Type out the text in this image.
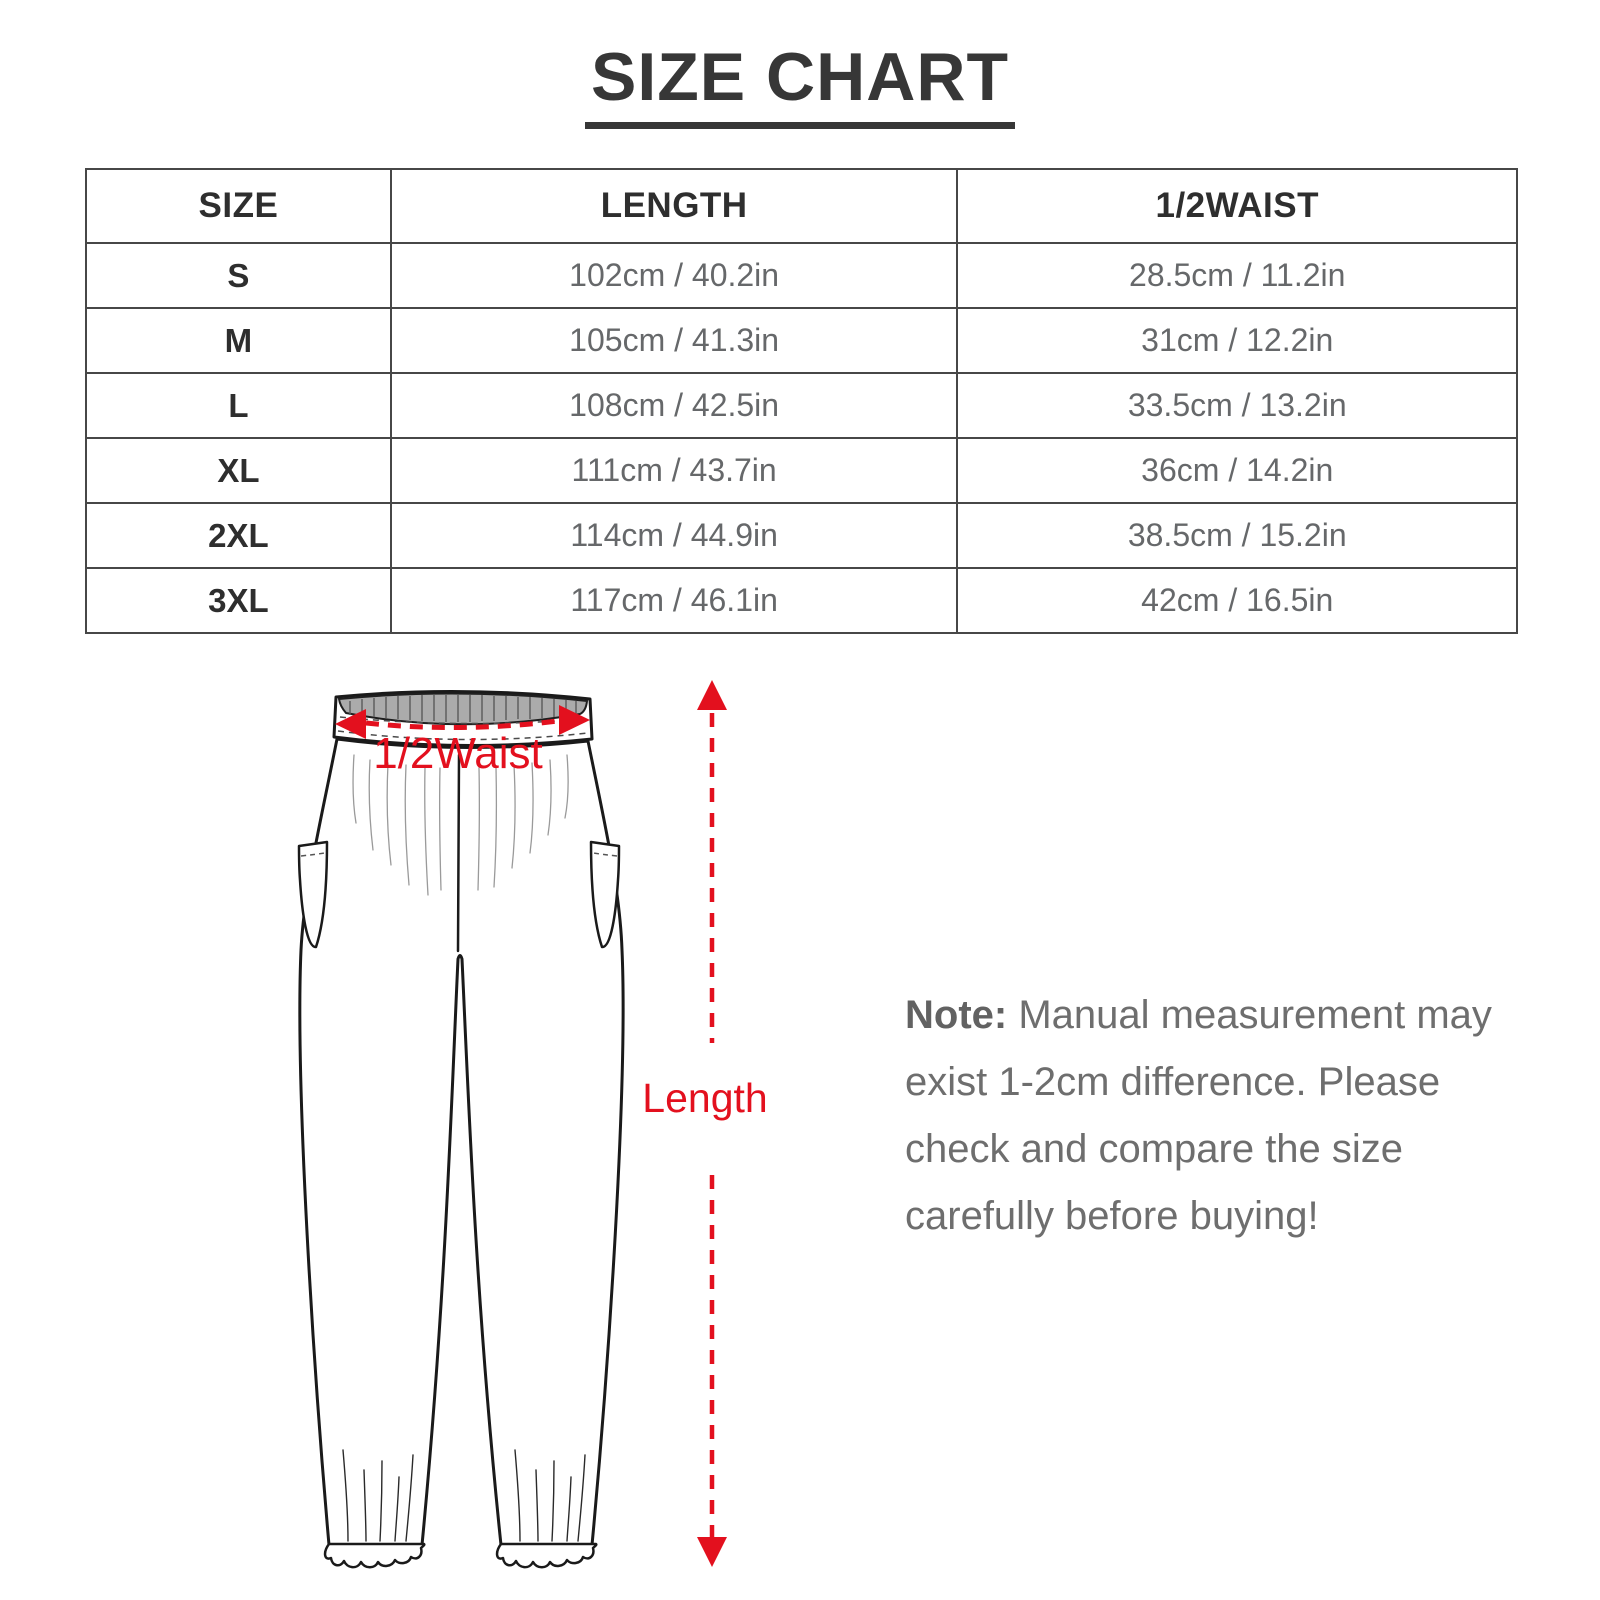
SIZE CHART
SIZE	LENGTH	1/2WAIST
S	102cm / 40.2in	28.5cm / 11.2in
M	105cm / 41.3in	31cm / 12.2in
L	108cm / 42.5in	33.5cm / 13.2in
XL	111cm / 43.7in	36cm / 14.2in
2XL	114cm / 44.9in	38.5cm / 15.2in
3XL	117cm / 46.1in	42cm / 16.5in
1/2Waist
Length
Note: Manual measurement may exist 1-2cm difference. Please check and compare the size carefully before buying!
